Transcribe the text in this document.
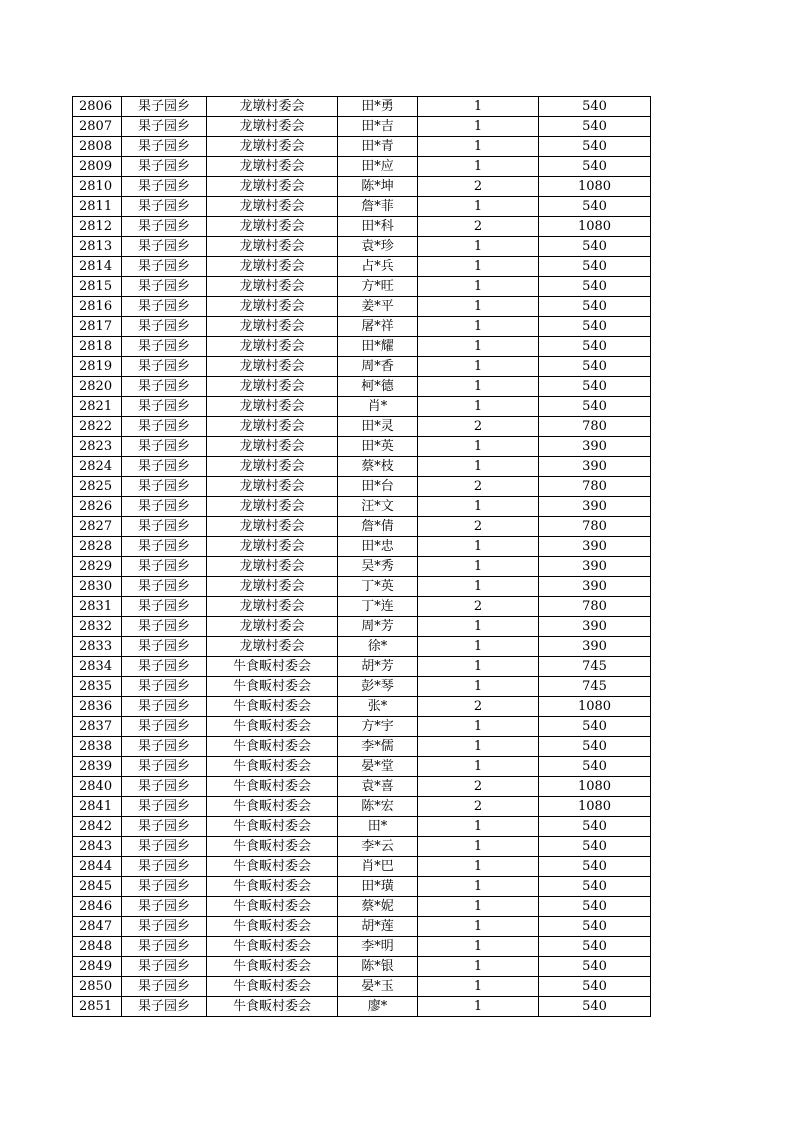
2806	果子园乡	龙墩村委会	田*勇	1	540
2807	果子园乡	龙墩村委会	田*吉	1	540
2808	果子园乡	龙墩村委会	田*青	1	540
2809	果子园乡	龙墩村委会	田*应	1	540
2810	果子园乡	龙墩村委会	陈*坤	2	1080
2811	果子园乡	龙墩村委会	詹*菲	1	540
2812	果子园乡	龙墩村委会	田*科	2	1080
2813	果子园乡	龙墩村委会	袁*珍	1	540
2814	果子园乡	龙墩村委会	占*兵	1	540
2815	果子园乡	龙墩村委会	方*旺	1	540
2816	果子园乡	龙墩村委会	姜*平	1	540
2817	果子园乡	龙墩村委会	屠*祥	1	540
2818	果子园乡	龙墩村委会	田*耀	1	540
2819	果子园乡	龙墩村委会	周*香	1	540
2820	果子园乡	龙墩村委会	柯*德	1	540
2821	果子园乡	龙墩村委会	肖*	1	540
2822	果子园乡	龙墩村委会	田*灵	2	780
2823	果子园乡	龙墩村委会	田*英	1	390
2824	果子园乡	龙墩村委会	蔡*枝	1	390
2825	果子园乡	龙墩村委会	田*台	2	780
2826	果子园乡	龙墩村委会	汪*文	1	390
2827	果子园乡	龙墩村委会	詹*倩	2	780
2828	果子园乡	龙墩村委会	田*忠	1	390
2829	果子园乡	龙墩村委会	吴*秀	1	390
2830	果子园乡	龙墩村委会	丁*英	1	390
2831	果子园乡	龙墩村委会	丁*连	2	780
2832	果子园乡	龙墩村委会	周*芳	1	390
2833	果子园乡	龙墩村委会	徐*	1	390
2834	果子园乡	牛食畈村委会	胡*芳	1	745
2835	果子园乡	牛食畈村委会	彭*琴	1	745
2836	果子园乡	牛食畈村委会	张*	2	1080
2837	果子园乡	牛食畈村委会	方*宇	1	540
2838	果子园乡	牛食畈村委会	李*儒	1	540
2839	果子园乡	牛食畈村委会	晏*堂	1	540
2840	果子园乡	牛食畈村委会	袁*喜	2	1080
2841	果子园乡	牛食畈村委会	陈*宏	2	1080
2842	果子园乡	牛食畈村委会	田*	1	540
2843	果子园乡	牛食畈村委会	李*云	1	540
2844	果子园乡	牛食畈村委会	肖*巴	1	540
2845	果子园乡	牛食畈村委会	田*璜	1	540
2846	果子园乡	牛食畈村委会	蔡*妮	1	540
2847	果子园乡	牛食畈村委会	胡*莲	1	540
2848	果子园乡	牛食畈村委会	李*明	1	540
2849	果子园乡	牛食畈村委会	陈*银	1	540
2850	果子园乡	牛食畈村委会	晏*玉	1	540
2851	果子园乡	牛食畈村委会	廖*	1	540
